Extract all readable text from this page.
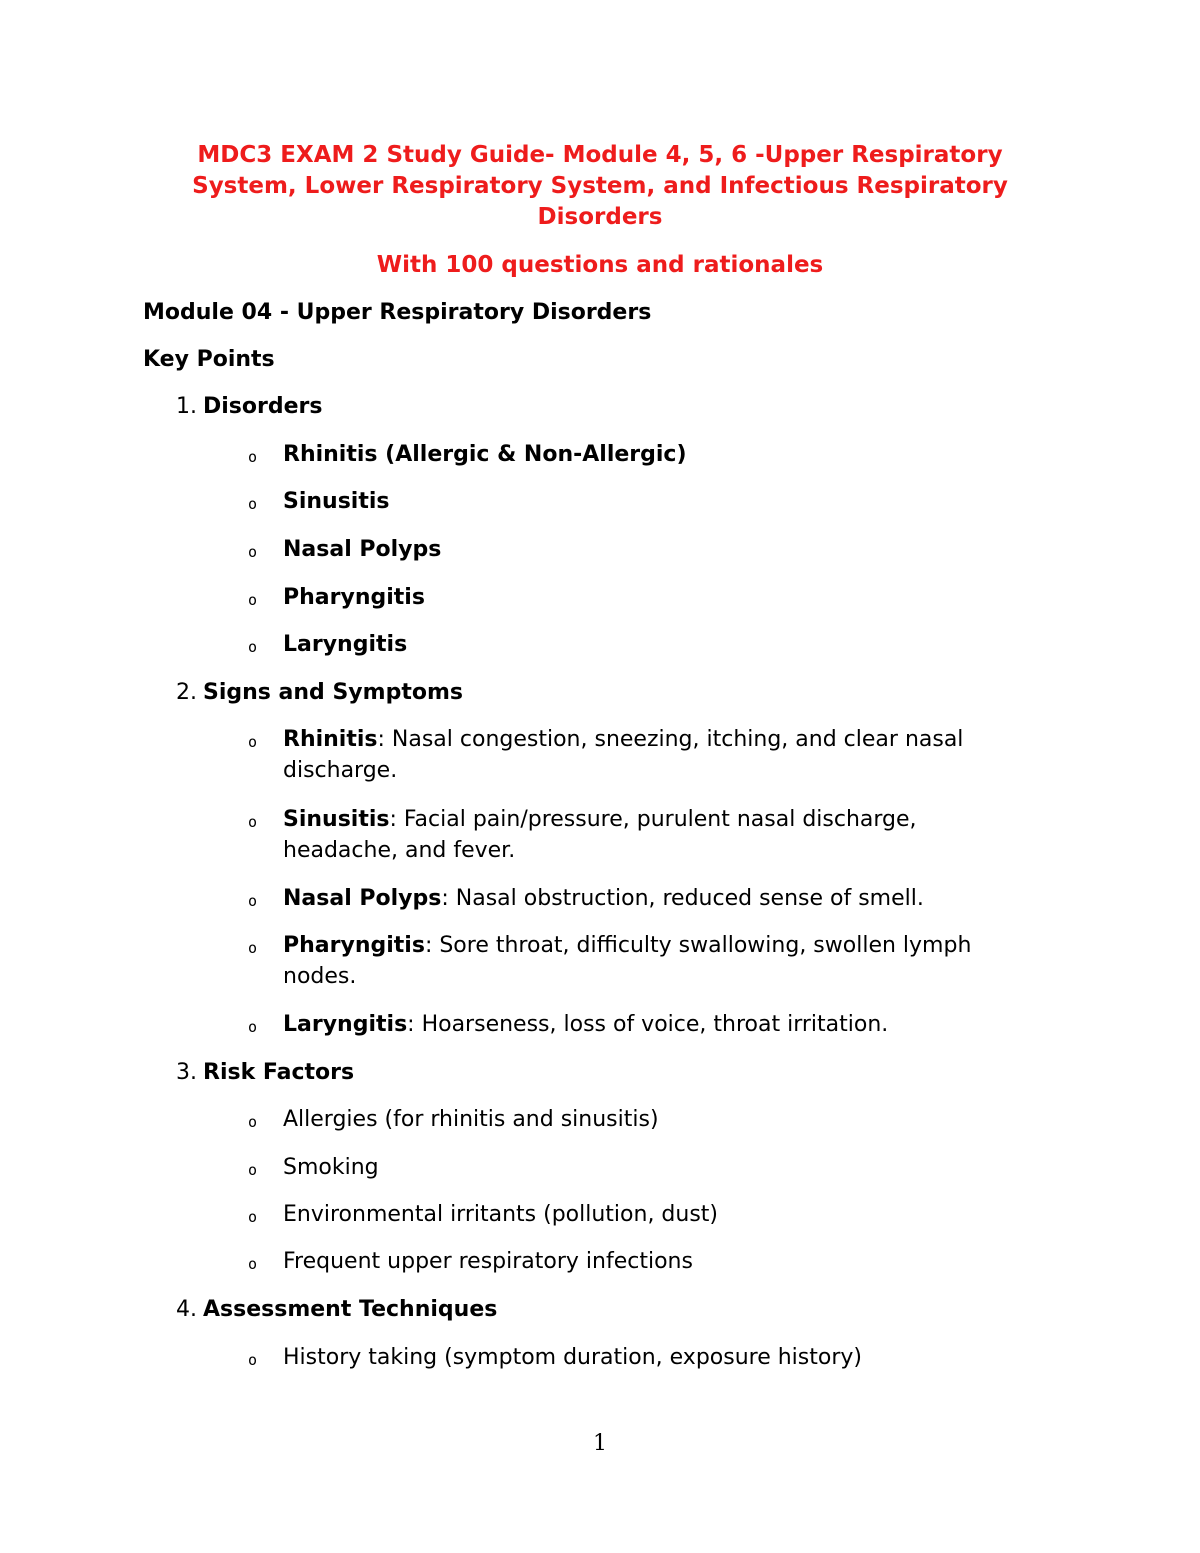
MDC3 EXAM 2 Study Guide- Module 4, 5, 6 -Upper Respiratory System, Lower Respiratory System, and Infectious Respiratory Disorders
With 100 questions and rationales
Module 04 - Upper Respiratory Disorders
Key Points
1. Disorders
o Rhinitis (Allergic & Non-Allergic)
o Sinusitis
o Nasal Polyps
o Pharyngitis
o Laryngitis
2. Signs and Symptoms
o Rhinitis: Nasal congestion, sneezing, itching, and clear nasal discharge.
o Sinusitis: Facial pain/pressure, purulent nasal discharge, headache, and fever.
o Nasal Polyps: Nasal obstruction, reduced sense of smell.
o Pharyngitis: Sore throat, difficulty swallowing, swollen lymph nodes.
o Laryngitis: Hoarseness, loss of voice, throat irritation.
3. Risk Factors
o Allergies (for rhinitis and sinusitis)
o Smoking
o Environmental irritants (pollution, dust)
o Frequent upper respiratory infections
4. Assessment Techniques
o History taking (symptom duration, exposure history)
1
